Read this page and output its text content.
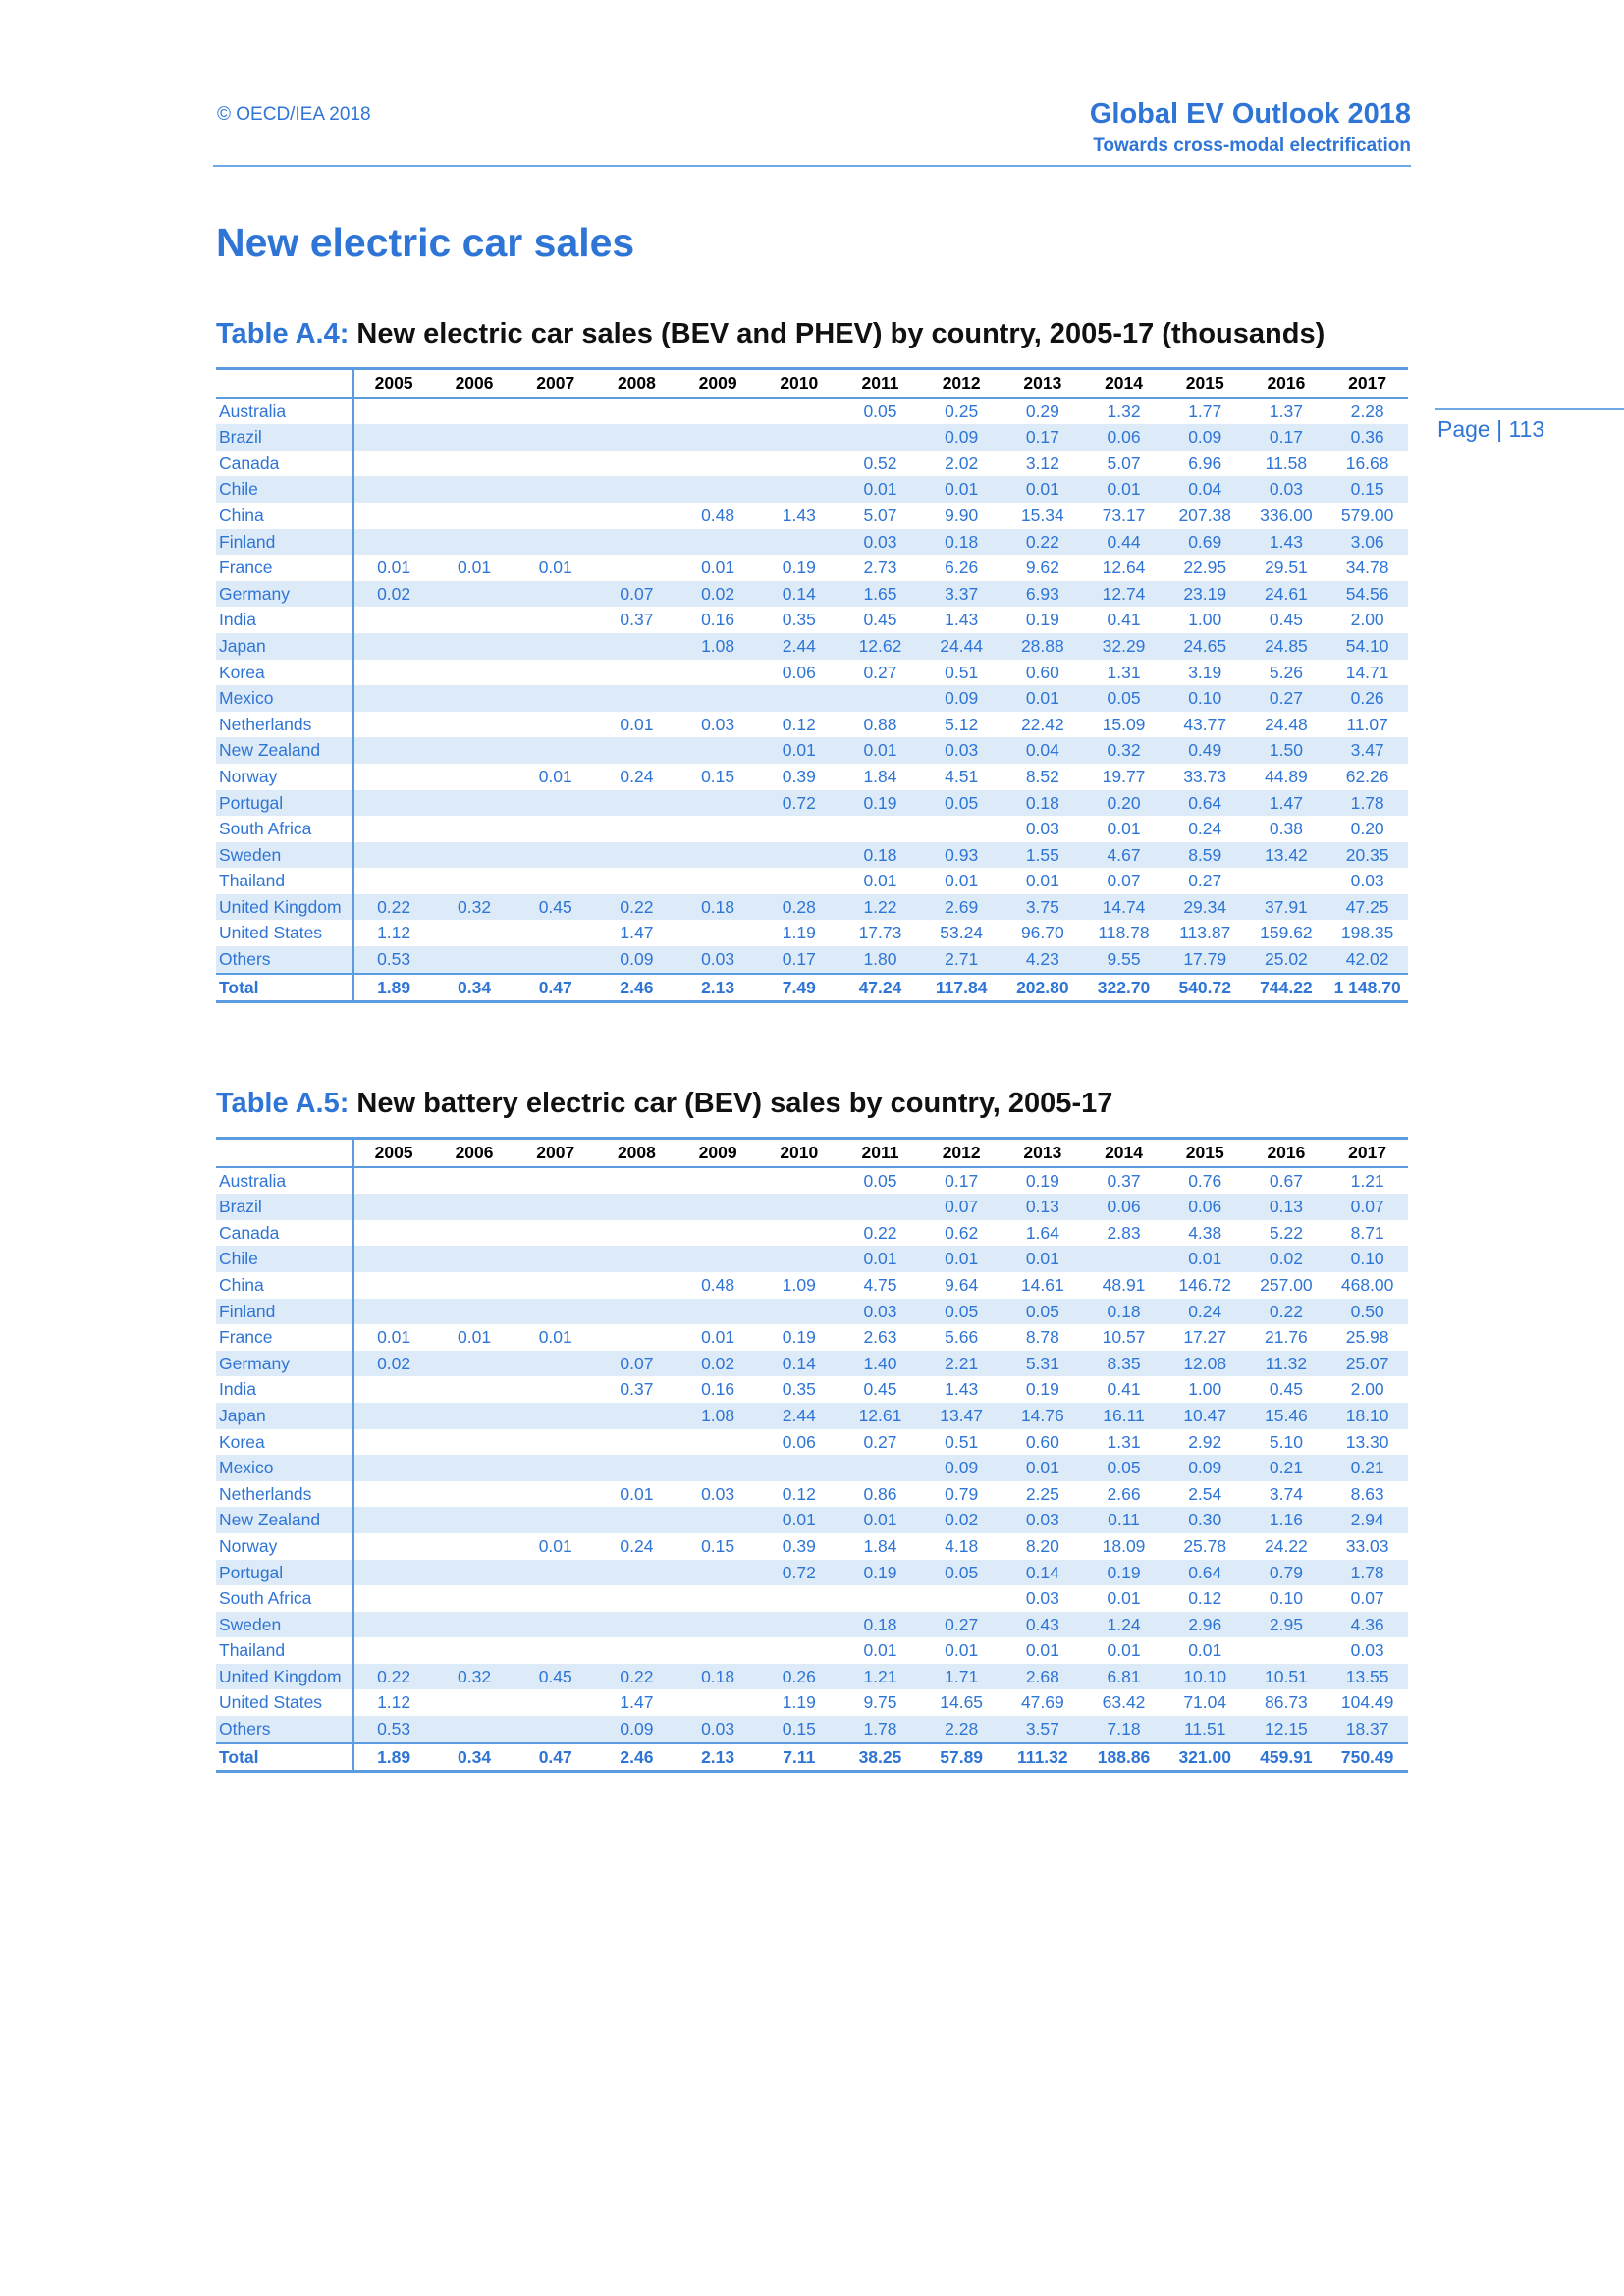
© OECD/IEA 2018	Global EV Outlook 2018
Towards cross-modal electrification
Page | 113
New electric car sales
Table A.4: New electric car sales (BEV and PHEV) by country, 2005-17 (thousands)
	2005	2006	2007	2008	2009	2010	2011	2012	2013	2014	2015	2016	2017
Australia							0.05	0.25	0.29	1.32	1.77	1.37	2.28
Brazil								0.09	0.17	0.06	0.09	0.17	0.36
Canada							0.52	2.02	3.12	5.07	6.96	11.58	16.68
Chile							0.01	0.01	0.01	0.01	0.04	0.03	0.15
China					0.48	1.43	5.07	9.90	15.34	73.17	207.38	336.00	579.00
Finland							0.03	0.18	0.22	0.44	0.69	1.43	3.06
France	0.01	0.01	0.01		0.01	0.19	2.73	6.26	9.62	12.64	22.95	29.51	34.78
Germany	0.02			0.07	0.02	0.14	1.65	3.37	6.93	12.74	23.19	24.61	54.56
India				0.37	0.16	0.35	0.45	1.43	0.19	0.41	1.00	0.45	2.00
Japan					1.08	2.44	12.62	24.44	28.88	32.29	24.65	24.85	54.10
Korea						0.06	0.27	0.51	0.60	1.31	3.19	5.26	14.71
Mexico								0.09	0.01	0.05	0.10	0.27	0.26
Netherlands				0.01	0.03	0.12	0.88	5.12	22.42	15.09	43.77	24.48	11.07
New Zealand						0.01	0.01	0.03	0.04	0.32	0.49	1.50	3.47
Norway			0.01	0.24	0.15	0.39	1.84	4.51	8.52	19.77	33.73	44.89	62.26
Portugal						0.72	0.19	0.05	0.18	0.20	0.64	1.47	1.78
South Africa									0.03	0.01	0.24	0.38	0.20
Sweden							0.18	0.93	1.55	4.67	8.59	13.42	20.35
Thailand							0.01	0.01	0.01	0.07	0.27		0.03
United Kingdom	0.22	0.32	0.45	0.22	0.18	0.28	1.22	2.69	3.75	14.74	29.34	37.91	47.25
United States	1.12			1.47		1.19	17.73	53.24	96.70	118.78	113.87	159.62	198.35
Others	0.53			0.09	0.03	0.17	1.80	2.71	4.23	9.55	17.79	25.02	42.02
Total	1.89	0.34	0.47	2.46	2.13	7.49	47.24	117.84	202.80	322.70	540.72	744.22	1 148.70
Table A.5: New battery electric car (BEV) sales by country, 2005-17
	2005	2006	2007	2008	2009	2010	2011	2012	2013	2014	2015	2016	2017
Australia							0.05	0.17	0.19	0.37	0.76	0.67	1.21
Brazil								0.07	0.13	0.06	0.06	0.13	0.07
Canada							0.22	0.62	1.64	2.83	4.38	5.22	8.71
Chile							0.01	0.01	0.01		0.01	0.02	0.10
China					0.48	1.09	4.75	9.64	14.61	48.91	146.72	257.00	468.00
Finland							0.03	0.05	0.05	0.18	0.24	0.22	0.50
France	0.01	0.01	0.01		0.01	0.19	2.63	5.66	8.78	10.57	17.27	21.76	25.98
Germany	0.02			0.07	0.02	0.14	1.40	2.21	5.31	8.35	12.08	11.32	25.07
India				0.37	0.16	0.35	0.45	1.43	0.19	0.41	1.00	0.45	2.00
Japan					1.08	2.44	12.61	13.47	14.76	16.11	10.47	15.46	18.10
Korea						0.06	0.27	0.51	0.60	1.31	2.92	5.10	13.30
Mexico								0.09	0.01	0.05	0.09	0.21	0.21
Netherlands				0.01	0.03	0.12	0.86	0.79	2.25	2.66	2.54	3.74	8.63
New Zealand						0.01	0.01	0.02	0.03	0.11	0.30	1.16	2.94
Norway			0.01	0.24	0.15	0.39	1.84	4.18	8.20	18.09	25.78	24.22	33.03
Portugal						0.72	0.19	0.05	0.14	0.19	0.64	0.79	1.78
South Africa									0.03	0.01	0.12	0.10	0.07
Sweden							0.18	0.27	0.43	1.24	2.96	2.95	4.36
Thailand							0.01	0.01	0.01	0.01	0.01		0.03
United Kingdom	0.22	0.32	0.45	0.22	0.18	0.26	1.21	1.71	2.68	6.81	10.10	10.51	13.55
United States	1.12			1.47		1.19	9.75	14.65	47.69	63.42	71.04	86.73	104.49
Others	0.53			0.09	0.03	0.15	1.78	2.28	3.57	7.18	11.51	12.15	18.37
Total	1.89	0.34	0.47	2.46	2.13	7.11	38.25	57.89	111.32	188.86	321.00	459.91	750.49
